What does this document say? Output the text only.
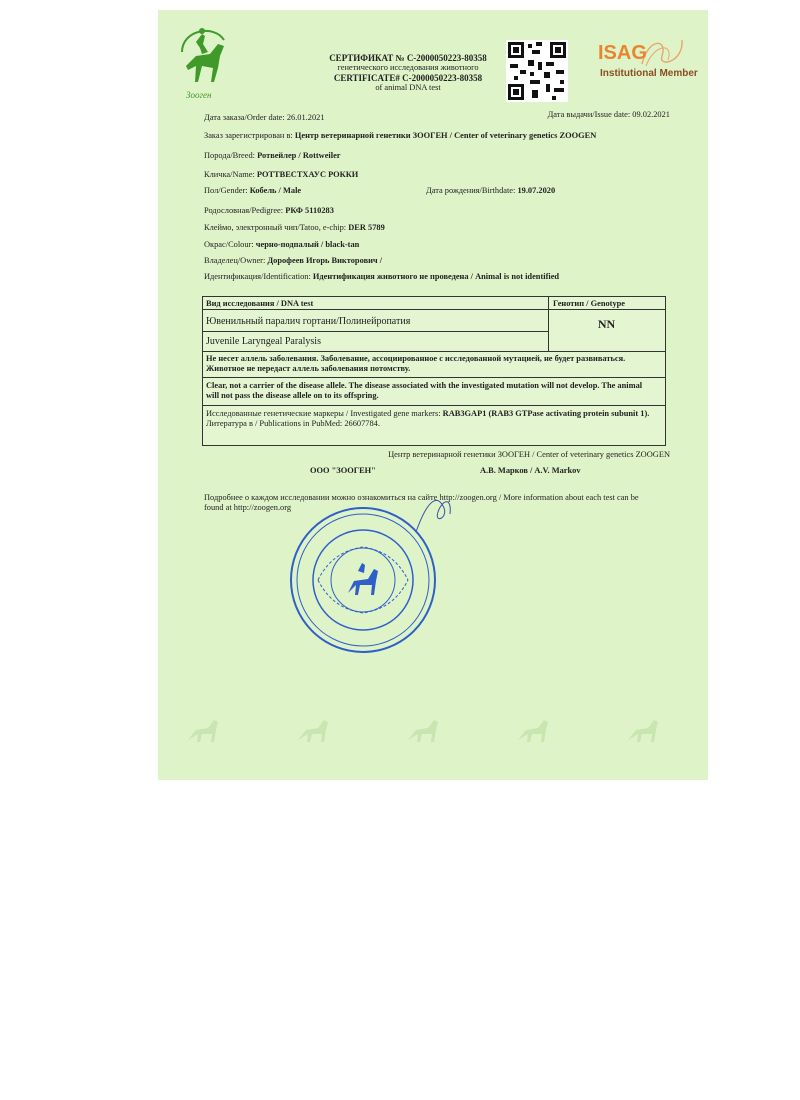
Зооген
СЕРТИФИКАТ № C-2000050223-80358
генетического исследования животного
CERTIFICATE# C-2000050223-80358
of animal DNA test
ISAG
Institutional Member
Дата заказа/Order date: 26.01.2021	Дата выдачи/Issue date: 09.02.2021
Заказ зарегистрирован в: Центр ветеринарной генетики ЗООГЕН / Center of veterinary genetics ZOOGEN
Порода/Breed: Ротвейлер / Rottweiler
Кличка/Name: РОТТВЕСТХАУС РОККИ
Пол/Gender: Кобель / Male	Дата рождения/Birthdate: 19.07.2020
Родословная/Pedigree: РКФ 5110283
Клеймо, электронный чип/Tatoo, e-chip: DER 5789
Окрас/Colour: черно-подпалый / black-tan
Владелец/Owner: Дорофеев Игорь Викторович /
Идентификация/Identification: Идентификация животного не проведена / Animal is not identified
Вид исследования / DNA test	Генотип / Genotype
Ювенильный паралич гортани/Полинейропатия
Juvenile Laryngeal Paralysis
NN
Не несет аллель заболевания. Заболевание, ассоциированное с исследованной мутацией, не будет развиваться. Животное не передаст аллель заболевания потомству.
Clear, not a carrier of the disease allele. The disease associated with the investigated mutation will not develop. The animal will not pass the disease allele on to its offspring.
Исследованные генетические маркеры / Investigated gene markers: RAB3GAP1 (RAB3 GTPase activating protein subunit 1). Литература в / Publications in PubMed: 26607784.
Центр ветеринарной генетики ЗООГЕН / Center of veterinary genetics ZOOGEN
ООО "ЗООГЕН"	А.В. Марков / A.V. Markov
Подробнее о каждом исследовании можно ознакомиться на сайте http://zoogen.org / More information about each test can be found at http://zoogen.org
